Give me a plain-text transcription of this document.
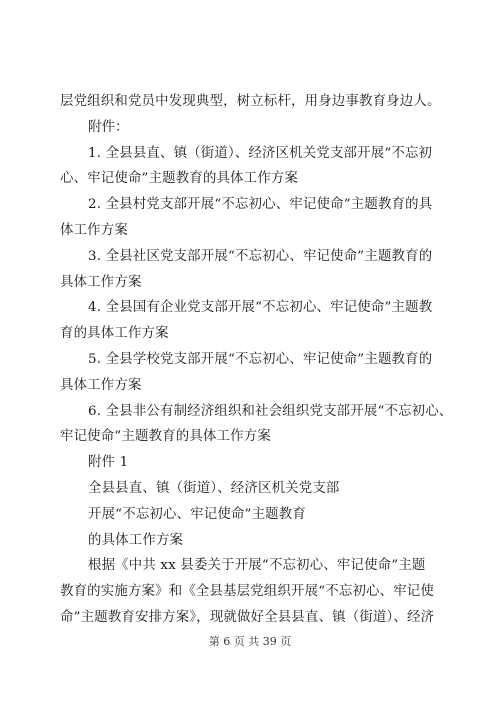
层党组织和党员中发现典型，树立标杆，用身边事教育身边人。
附件：
1. 全县县直、镇（街道）、经济区机关党支部开展“不忘初
心、牢记使命”主题教育的具体工作方案
2. 全县村党支部开展“不忘初心、牢记使命”主题教育的具
体工作方案
3. 全县社区党支部开展“不忘初心、牢记使命”主题教育的
具体工作方案
4. 全县国有企业党支部开展“不忘初心、牢记使命”主题教
育的具体工作方案
5. 全县学校党支部开展“不忘初心、牢记使命”主题教育的
具体工作方案
6. 全县非公有制经济组织和社会组织党支部开展“不忘初心、
牢记使命”主题教育的具体工作方案
附件 1
全县县直、镇（街道）、经济区机关党支部
开展“不忘初心、牢记使命”主题教育
的具体工作方案
根据《中共 xx 县委关于开展“不忘初心、牢记使命”主题
教育的实施方案》和《全县基层党组织开展“不忘初心、牢记使
命”主题教育安排方案》，现就做好全县县直、镇（街道）、经济
第 6 页 共 39 页
